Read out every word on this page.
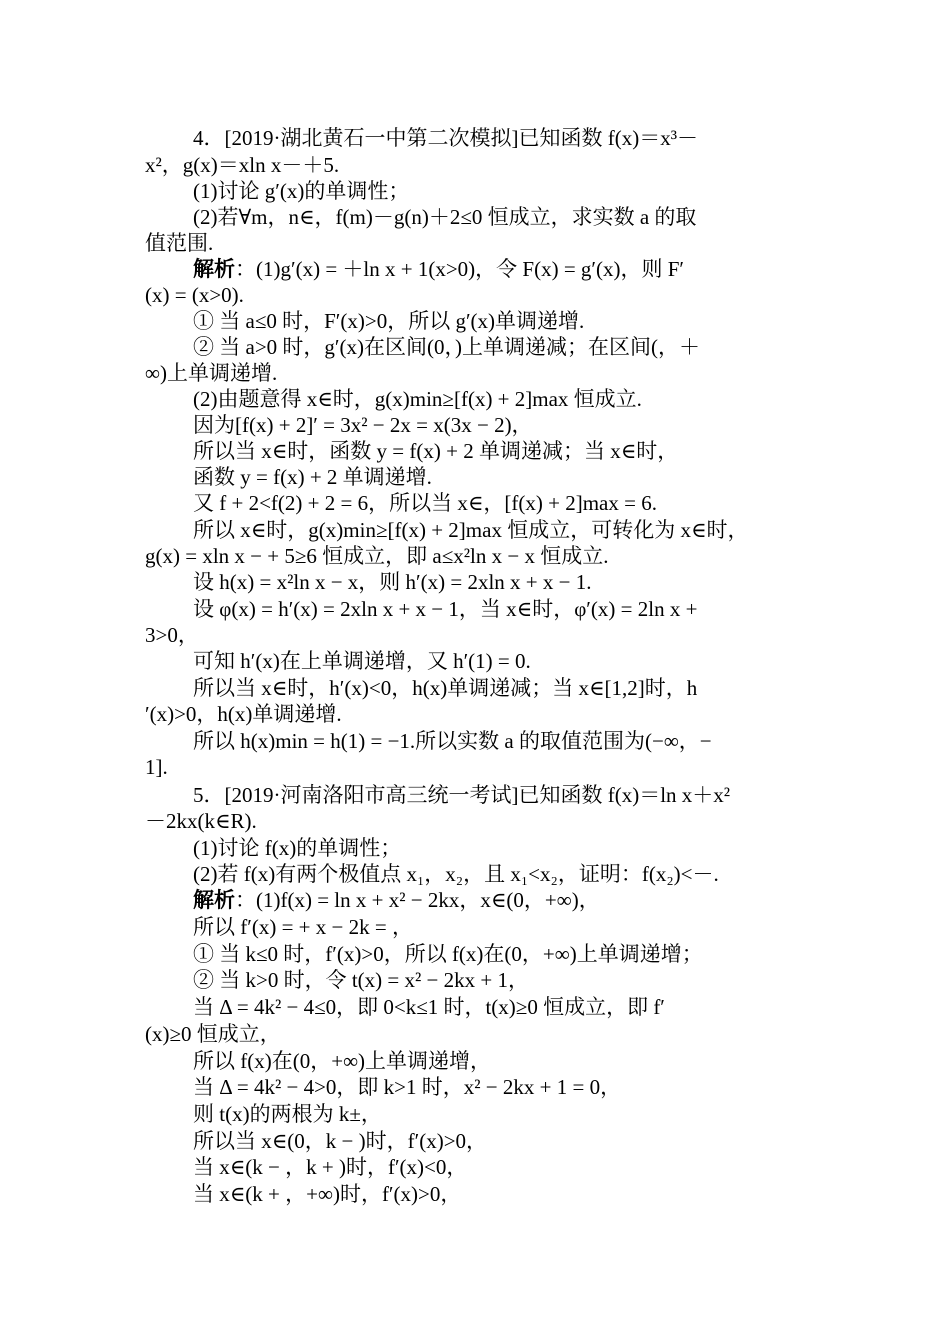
4．[2019·湖北黄石一中第二次模拟]已知函数 f(x)＝x³－
x²，g(x)＝xln x－＋5.
(1)讨论 g′(x)的单调性；
(2)若∀m，n∈，f(m)－g(n)＋2≤0 恒成立，求实数 a 的取
值范围.
解析：(1)g′(x) = ＋ln x + 1(x>0)，令 F(x) = g′(x)，则 F′
(x) = (x>0).
① 当 a≤0 时，F′(x)>0，所以 g′(x)单调递增.
② 当 a>0 时，g′(x)在区间(0，)上单调递减；在区间(，＋
∞)上单调递增.
(2)由题意得 x∈时，g(x)min≥[f(x) + 2]max 恒成立.
因为[f(x) + 2]′ = 3x² − 2x = x(3x − 2)，
所以当 x∈时，函数 y = f(x) + 2 单调递减；当 x∈时，
函数 y = f(x) + 2 单调递增.
又 f + 2<f(2) + 2 = 6，所以当 x∈，[f(x) + 2]max = 6.
所以 x∈时，g(x)min≥[f(x) + 2]max 恒成立，可转化为 x∈时，
g(x) = xln x − + 5≥6 恒成立，即 a≤x²ln x − x 恒成立.
设 h(x) = x²ln x − x，则 h′(x) = 2xln x + x − 1.
设 φ(x) = h′(x) = 2xln x + x − 1，当 x∈时，φ′(x) = 2ln x +
3>0，
可知 h′(x)在上单调递增，又 h′(1) = 0.
所以当 x∈时，h′(x)<0，h(x)单调递减；当 x∈[1,2]时，h
′(x)>0，h(x)单调递增.
所以 h(x)min = h(1) = −1.所以实数 a 的取值范围为(−∞，−
1].
5．[2019·河南洛阳市高三统一考试]已知函数 f(x)＝ln x＋x²
－2kx(k∈R).
(1)讨论 f(x)的单调性；
(2)若 f(x)有两个极值点 x₁，x₂，且 x₁<x₂，证明：f(x₂)<－.
解析：(1)f(x) = ln x + x² − 2kx，x∈(0，+∞)，
所以 f′(x) = + x − 2k = ，
① 当 k≤0 时，f′(x)>0，所以 f(x)在(0，+∞)上单调递增；
② 当 k>0 时，令 t(x) = x² − 2kx + 1，
当 Δ = 4k² − 4≤0，即 0<k≤1 时，t(x)≥0 恒成立，即 f′
(x)≥0 恒成立，
所以 f(x)在(0，+∞)上单调递增，
当 Δ = 4k² − 4>0，即 k>1 时，x² − 2kx + 1 = 0，
则 t(x)的两根为 k±，
所以当 x∈(0，k − )时，f′(x)>0，
当 x∈(k − ，k + )时，f′(x)<0，
当 x∈(k + ，+∞)时，f′(x)>0，
